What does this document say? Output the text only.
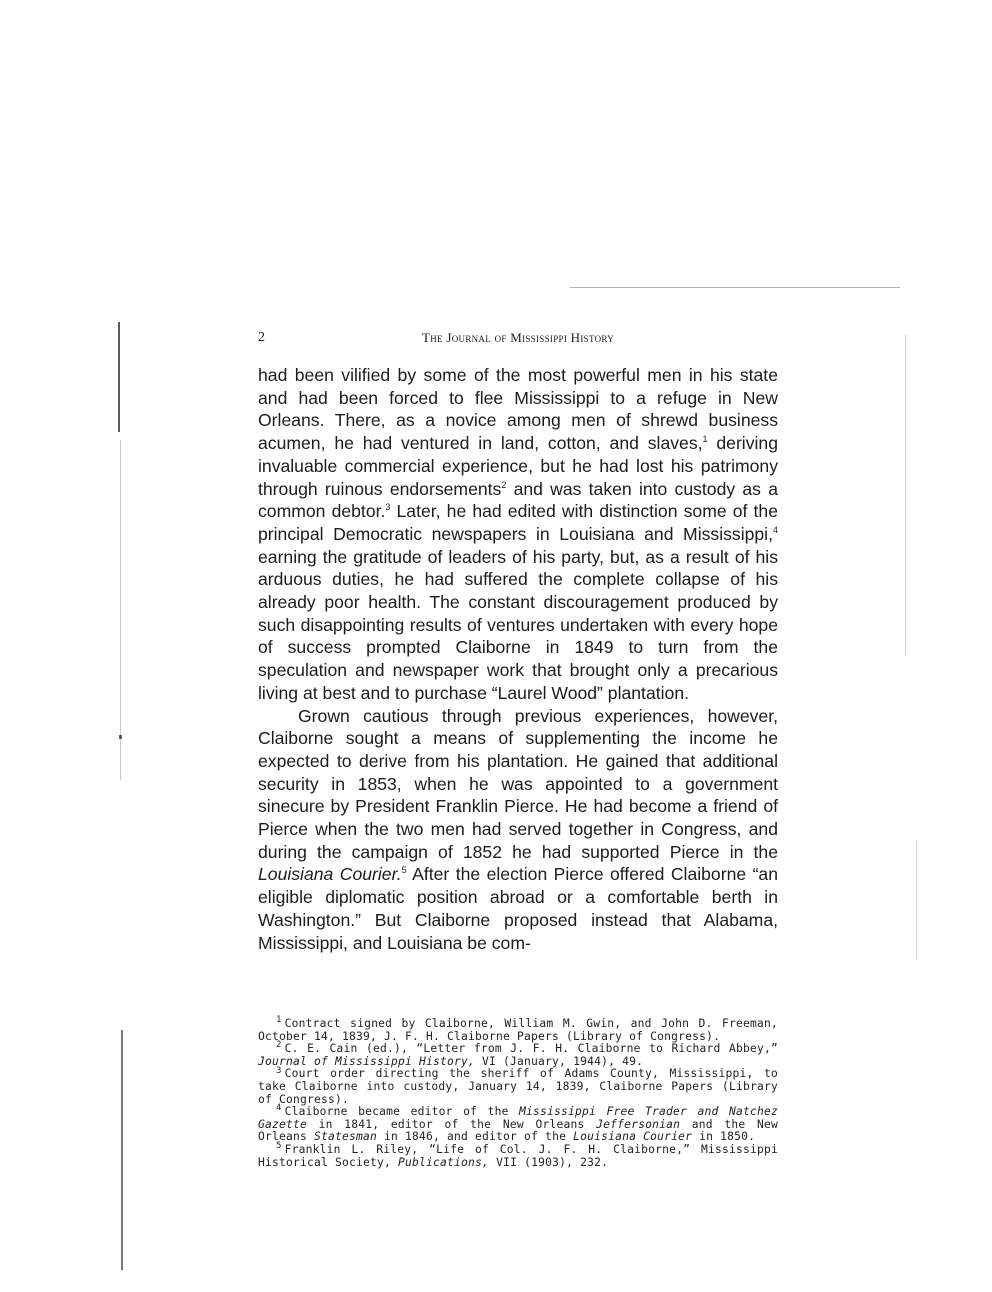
2	The Journal of Mississippi History

had been vilified by some of the most powerful men in his state and had been forced to flee Mississippi to a refuge in New Orleans. There, as a novice among men of shrewd business acumen, he had ventured in land, cotton, and slaves,$^1$ deriving invaluable commercial experience, but he had lost his patrimony through ruinous endorsements$^2$ and was taken into custody as a common debtor.$^3$ Later, he had edited with distinction some of the principal Democratic newspapers in Louisiana and Mississippi,$^4$ earning the gratitude of leaders of his party, but, as a result of his arduous duties, he had suffered the complete collapse of his already poor health. The constant discouragement produced by such disappointing results of ventures undertaken with every hope of success prompted Claiborne in 1849 to turn from the speculation and newspaper work that brought only a precarious living at best and to purchase “Laurel Wood” plantation.

Grown cautious through previous experiences, however, Claiborne sought a means of supplementing the income he expected to derive from his plantation. He gained that additional security in 1853, when he was appointed to a government sinecure by President Franklin Pierce. He had become a friend of Pierce when the two men had served together in Congress, and during the campaign of 1852 he had supported Pierce in the Louisiana Courier.$^5$ After the election Pierce offered Claiborne “an eligible diplomatic position abroad or a comfortable berth in Washington.” But Claiborne proposed instead that Alabama, Mississippi, and Louisiana be com-

$^1$ Contract signed by Claiborne, William M. Gwin, and John D. Freeman, October 14, 1839, J. F. H. Claiborne Papers (Library of Congress).

$^2$ C. E. Cain (ed.), “Letter from J. F. H. Claiborne to Richard Abbey,” Journal of Mississippi History, VI (January, 1944), 49.

$^3$ Court order directing the sheriff of Adams County, Mississippi, to take Claiborne into custody, January 14, 1839, Claiborne Papers (Library of Congress).

$^4$ Claiborne became editor of the Mississippi Free Trader and Natchez Gazette in 1841, editor of the New Orleans Jeffersonian and the New Orleans Statesman in 1846, and editor of the Louisiana Courier in 1850.

$^5$ Franklin L. Riley, “Life of Col. J. F. H. Claiborne,” Mississippi Historical Society, Publications, VII (1903), 232.
